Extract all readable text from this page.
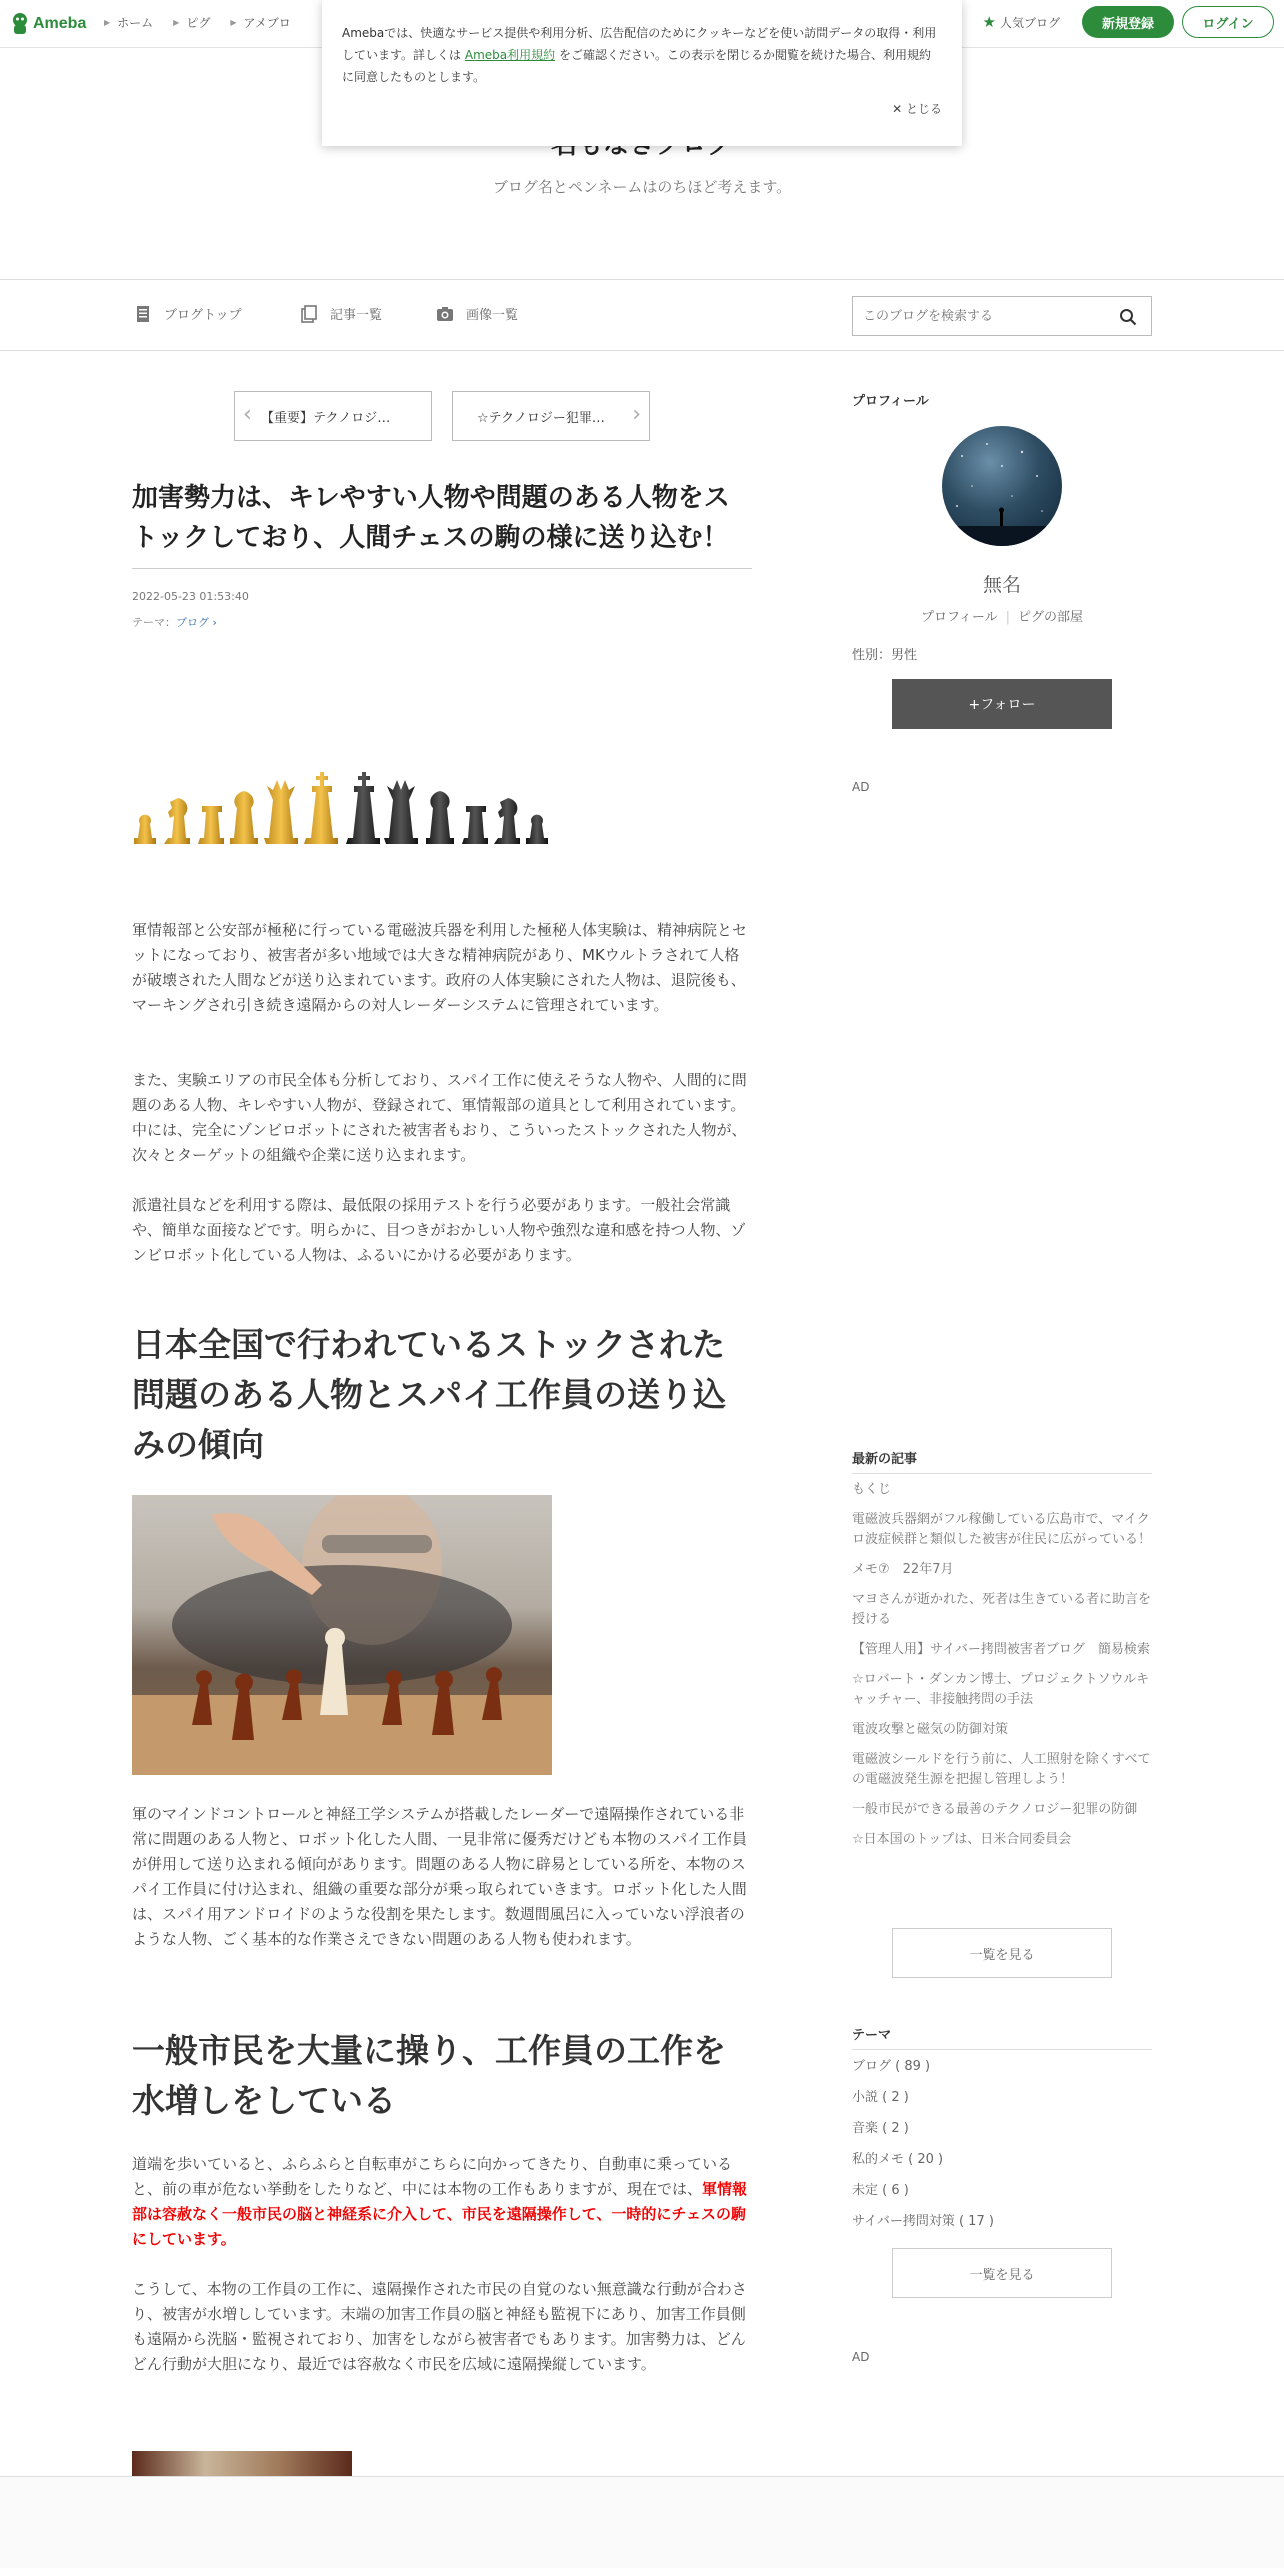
Ameba ▶ ホーム	▶ ピグ	▶ アメブロ	★ 人気ブログ	新規登録	ログイン

Amebaでは、快適なサービス提供や利用分析、広告配信のためにクッキーなどを使い訪問データの取得・利用しています。詳しくは Ameba利用規約 をご確認ください。この表示を閉じるか閲覧を続けた場合、利用規約に同意したものとします。

✕ とじる
ブログ名とペンネームはのちほど考えます。
ブログトップ	記事一覧	画像一覧
このブログを検索する
‹ 【重要】テクノロジ…	☆テクノロジー犯罪… ›
加害勢力は、キレやすい人物や問題のある人物をストックしており、人間チェスの駒の様に送り込む！
2022-05-23 01:53:40
テーマ：ブログ ›

軍情報部と公安部が極秘に行っている電磁波兵器を利用した極秘人体実験は、精神病院とセットになっており、被害者が多い地域では大きな精神病院があり、MKウルトラされて人格が破壊された人間などが送り込まれています。政府の人体実験にされた人物は、退院後も、マーキングされ引き続き遠隔からの対人レーダーシステムに管理されています。

また、実験エリアの市民全体も分析しており、スパイ工作に使えそうな人物や、人間的に問題のある人物、キレやすい人物が、登録されて、軍情報部の道具として利用されています。中には、完全にゾンビロボットにされた被害者もおり、こういったストックされた人物が、次々とターゲットの組織や企業に送り込まれます。

派遣社員などを利用する際は、最低限の採用テストを行う必要があります。一般社会常識や、簡単な面接などです。明らかに、目つきがおかしい人物や強烈な違和感を持つ人物、ゾンビロボット化している人物は、ふるいにかける必要があります。

日本全国で行われているストックされた問題のある人物とスパイ工作員の送り込みの傾向

軍のマインドコントロールと神経工学システムが搭載したレーダーで遠隔操作されている非常に問題のある人物と、ロボット化した人間、一見非常に優秀だけども本物のスパイ工作員が併用して送り込まれる傾向があります。問題のある人物に辟易としている所を、本物のスパイ工作員に付け込まれ、組織の重要な部分が乗っ取られていきます。ロボット化した人間は、スパイ用アンドロイドのような役割を果たします。数週間風呂に入っていない浮浪者のような人物、ごく基本的な作業さえできない問題のある人物も使われます。

一般市民を大量に操り、工作員の工作を水増しをしている

道端を歩いていると、ふらふらと自転車がこちらに向かってきたり、自動車に乗っていると、前の車が危ない挙動をしたりなど、中には本物の工作もありますが、現在では、軍情報部は容赦なく一般市民の脳と神経系に介入して、市民を遠隔操作して、一時的にチェスの駒にしています。

こうして、本物の工作員の工作に、遠隔操作された市民の自覚のない無意識な行動が合わさり、被害が水増ししています。末端の加害工作員の脳と神経も監視下にあり、加害工作員側も遠隔から洗脳・監視されており、加害をしながら被害者でもあります。加害勢力は、どんどん行動が大胆になり、最近では容赦なく市民を広域に遠隔操縦しています。

プロフィール
無名
プロフィール | ピグの部屋
性別：男性
+フォロー
AD
最新の記事
もくじ
電磁波兵器網がフル稼働している広島市で、マイクロ波症候群と類似した被害が住民に広がっている！
メモ⑦　22年7月
マヨさんが逝かれた、死者は生きている者に助言を授ける
【管理人用】サイバー拷問被害者ブログ　簡易検索
☆ロバート・ダンカン博士、プロジェクトソウルキャッチャー、非接触拷問の手法
電波攻撃と磁気の防御対策
電磁波シールドを行う前に、人工照射を除くすべての電磁波発生源を把握し管理しよう！
一般市民ができる最善のテクノロジー犯罪の防御
☆日本国のトップは、日米合同委員会
一覧を見る
テーマ
ブログ ( 89 )
小説 ( 2 )
音楽 ( 2 )
私的メモ ( 20 )
未定 ( 6 )
サイバー拷問対策 ( 17 )
一覧を見る
AD
